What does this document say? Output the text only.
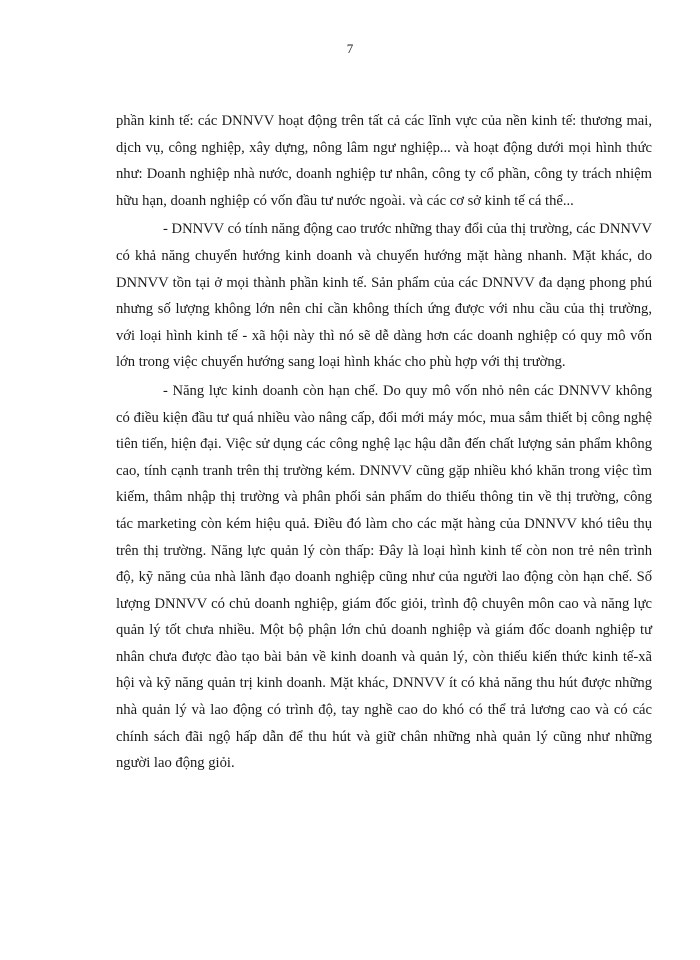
7

phần kinh tế: các DNNVV hoạt động trên tất cả các lĩnh vực của nền kinh tế: thương mai, dịch vụ, công nghiệp, xây dựng, nông lâm ngư nghiệp... và hoạt động dưới mọi hình thức như: Doanh nghiệp nhà nước, doanh nghiệp tư nhân, công ty cổ phần, công ty trách nhiệm hữu hạn, doanh nghiệp có vốn đầu tư nước ngoài. và các cơ sở kinh tế cá thể...

- DNNVV có tính năng động cao trước những thay đổi của thị trường, các DNNVV có khả năng chuyển hướng kinh doanh và chuyển hướng mặt hàng nhanh. Mặt khác, do DNNVV tồn tại ở mọi thành phần kinh tế. Sản phẩm của các DNNVV đa dạng phong phú nhưng số lượng không lớn nên chỉ cần không thích ứng được với nhu cầu của thị trường, với loại hình kinh tế - xã hội này thì nó sẽ dễ dàng hơn các doanh nghiệp có quy mô vốn lớn trong việc chuyển hướng sang loại hình khác cho phù hợp với thị trường.

- Năng lực kinh doanh còn hạn chế. Do quy mô vốn nhỏ nên các DNNVV không có điều kiện đầu tư quá nhiều vào nâng cấp, đổi mới máy móc, mua sắm thiết bị công nghệ tiên tiến, hiện đại. Việc sử dụng các công nghệ lạc hậu dẫn đến chất lượng sản phẩm không cao, tính cạnh tranh trên thị trường kém. DNNVV cũng gặp nhiều khó khăn trong việc tìm kiếm, thâm nhập thị trường và phân phối sản phẩm do thiếu thông tin về thị trường, công tác marketing còn kém hiệu quả. Điều đó làm cho các mặt hàng của DNNVV khó tiêu thụ trên thị trường. Năng lực quản lý còn thấp: Đây là loại hình kinh tế còn non trẻ nên trình độ, kỹ năng của nhà lãnh đạo doanh nghiệp cũng như của người lao động còn hạn chế. Số lượng DNNVV có chủ doanh nghiệp, giám đốc giỏi, trình độ chuyên môn cao và năng lực quản lý tốt chưa nhiều. Một bộ phận lớn chủ doanh nghiệp và giám đốc doanh nghiệp tư nhân chưa được đào tạo bài bản về kinh doanh và quản lý, còn thiếu kiến thức kinh tế-xã hội và kỹ năng quản trị kinh doanh. Mặt khác, DNNVV ít có khả năng thu hút được những nhà quản lý và lao động có trình độ, tay nghề cao do khó có thể trả lương cao và có các chính sách đãi ngộ hấp dẫn để thu hút và giữ chân những nhà quản lý cũng như những người lao động giỏi.
